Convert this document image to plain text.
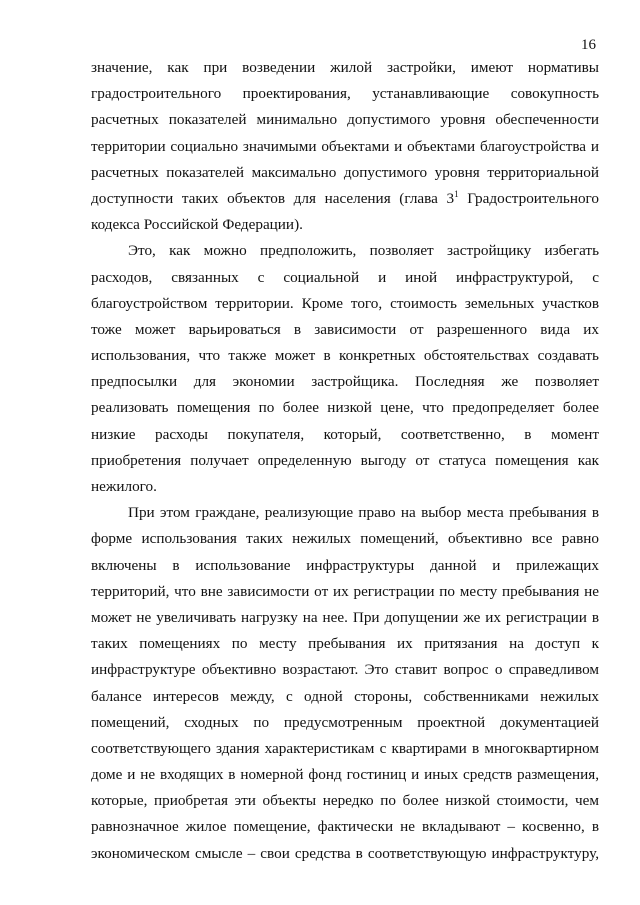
16
значение, как при возведении жилой застройки, имеют нормативы
градостроительного проектирования, устанавливающие совокупность
расчетных показателей минимально допустимого уровня обеспеченности
территории социально значимыми объектами и объектами благоустройства и
расчетных показателей максимально допустимого уровня территориальной
доступности таких объектов для населения (глава $3^1$ Градостроительного
кодекса Российской Федерации).
Это, как можно предположить, позволяет застройщику избегать
расходов, связанных с социальной и иной инфраструктурой, с
благоустройством территории. Кроме того, стоимость земельных участков
тоже может варьироваться в зависимости от разрешенного вида их
использования, что также может в конкретных обстоятельствах создавать
предпосылки для экономии застройщика. Последняя же позволяет
реализовать помещения по более низкой цене, что предопределяет более
низкие расходы покупателя, который, соответственно, в момент
приобретения получает определенную выгоду от статуса помещения как
нежилого.
При этом граждане, реализующие право на выбор места пребывания в
форме использования таких нежилых помещений, объективно все равно
включены в использование инфраструктуры данной и прилежащих
территорий, что вне зависимости от их регистрации по месту пребывания не
может не увеличивать нагрузку на нее. При допущении же их регистрации в
таких помещениях по месту пребывания их притязания на доступ к
инфраструктуре объективно возрастают. Это ставит вопрос о справедливом
балансе интересов между, с одной стороны, собственниками нежилых
помещений, сходных по предусмотренным проектной документацией
соответствующего здания характеристикам с квартирами в многоквартирном
доме и не входящих в номерной фонд гостиниц и иных средств размещения,
которые, приобретая эти объекты нередко по более низкой стоимости, чем
равнозначное жилое помещение, фактически не вкладывают – косвенно, в
экономическом смысле – свои средства в соответствующую инфраструктуру,
